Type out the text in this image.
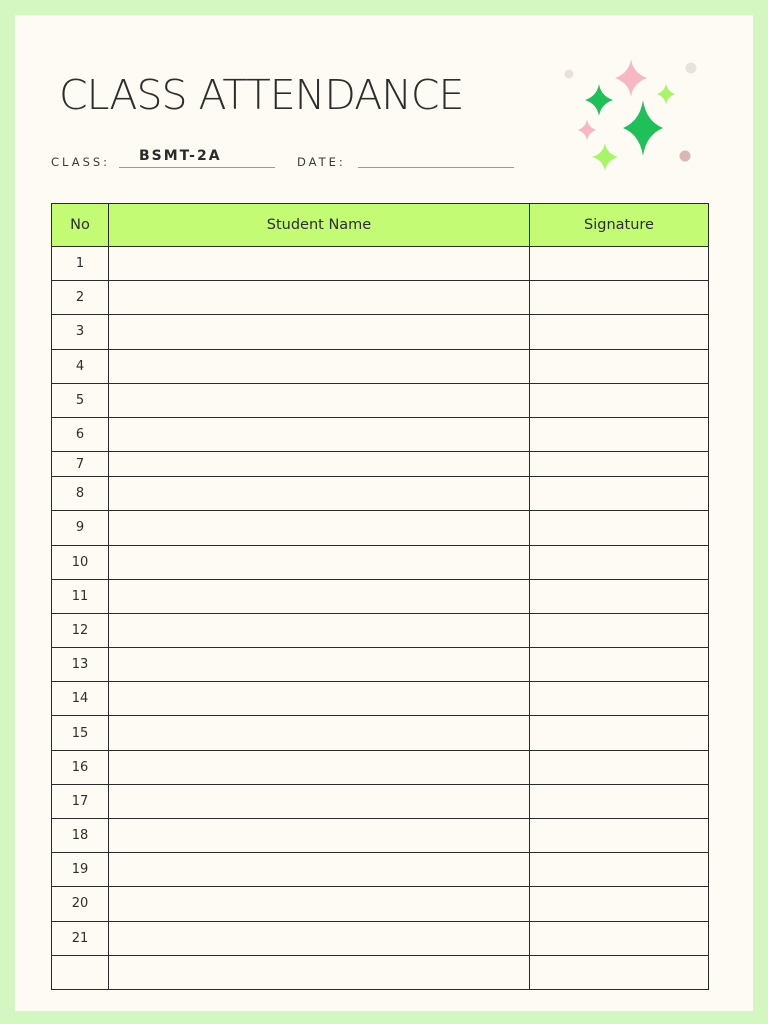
CLASS ATTENDANCE
CLASS: BSMT-2A	DATE:
No	Student Name	Signature
1		
2		
3		
4		
5		
6		
7		
8		
9		
10		
11		
12		
13		
14		
15		
16		
17		
18		
19		
20		
21		
